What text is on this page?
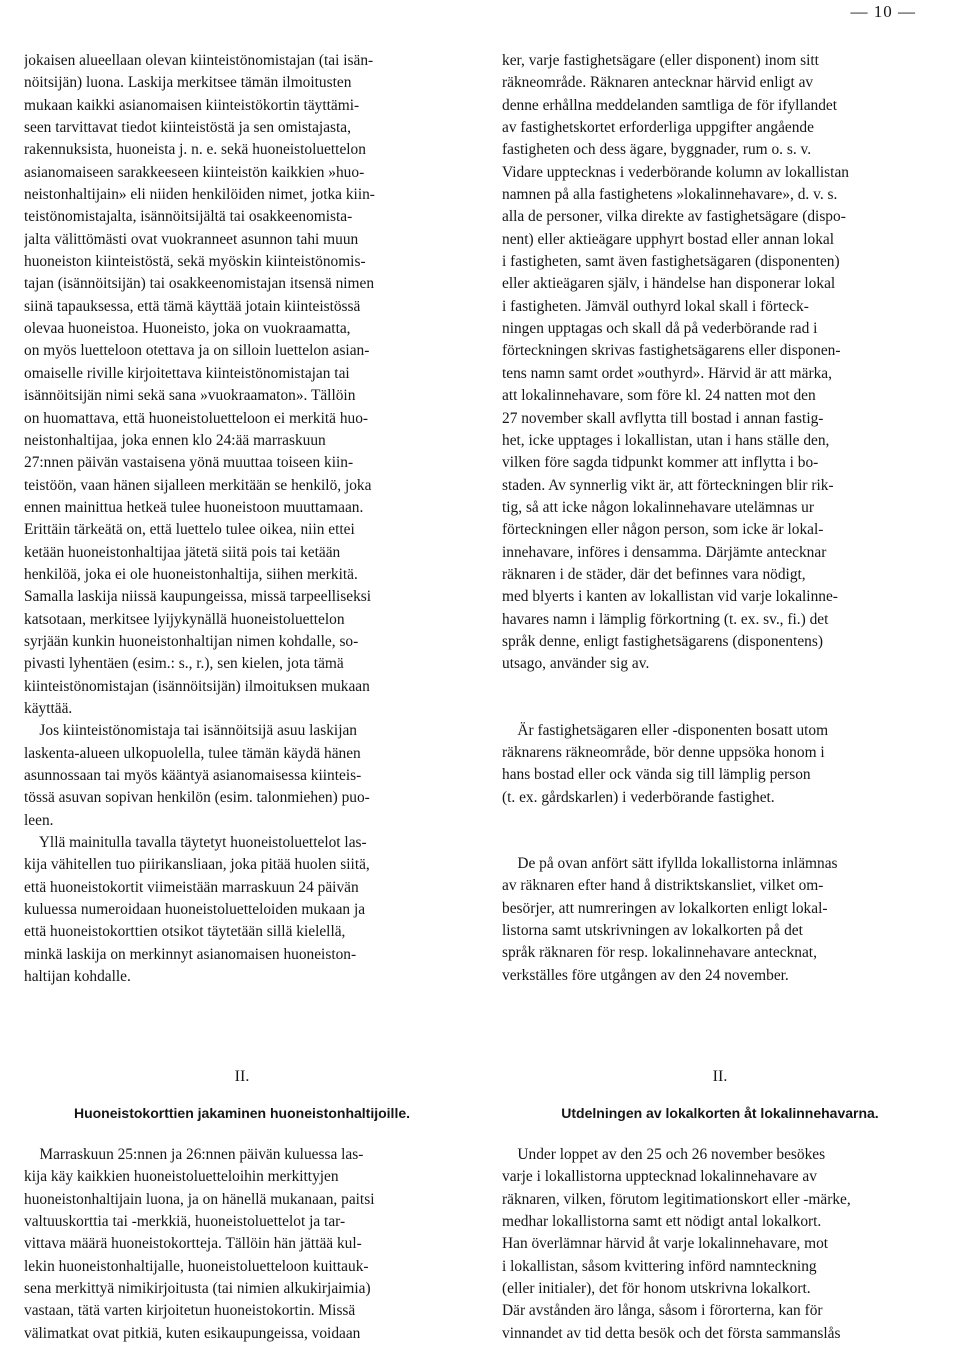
— 10 —
jokaisen alueellaan olevan kiinteistönomistajan (tai isän-
nöitsijän) luona. Laskija merkitsee tämän ilmoitusten
mukaan kaikki asianomaisen kiinteistökortin täyttämi-
seen tarvittavat tiedot kiinteistöstä ja sen omistajasta,
rakennuksista, huoneista j. n. e. sekä huoneistoluettelon
asianomaiseen sarakkeeseen kiinteistön kaikkien »huo-
neistonhaltijain» eli niiden henkilöiden nimet, jotka kiin-
teistönomistajalta, isännöitsijältä tai osakkeenomista-
jalta välittömästi ovat vuokranneet asunnon tahi muun
huoneiston kiinteistöstä, sekä myöskin kiinteistönomis-
tajan (isännöitsijän) tai osakkeenomistajan itsensä nimen
siinä tapauksessa, että tämä käyttää jotain kiinteistössä
olevaa huoneistoa. Huoneisto, joka on vuokraamatta,
on myös luetteloon otettava ja on silloin luettelon asian-
omaiselle riville kirjoitettava kiinteistönomistajan tai
isännöitsijän nimi sekä sana »vuokraamaton». Tällöin
on huomattava, että huoneistoluetteloon ei merkitä huo-
neistonhaltijaa, joka ennen klo 24:ää marraskuun
27:nnen päivän vastaisena yönä muuttaa toiseen kiin-
teistöön, vaan hänen sijalleen merkitään se henkilö, joka
ennen mainittua hetkeä tulee huoneistoon muuttamaan.
Erittäin tärkeätä on, että luettelo tulee oikea, niin ettei
ketään huoneistonhaltijaa jätetä siitä pois tai ketään
henkilöä, joka ei ole huoneistonhaltija, siihen merkitä.
Samalla laskija niissä kaupungeissa, missä tarpeelliseksi
katsotaan, merkitsee lyijykynällä huoneistoluettelon
syrjään kunkin huoneistonhaltijan nimen kohdalle, so-
pivasti lyhentäen (esim.: s., r.), sen kielen, jota tämä
kiinteistönomistajan (isännöitsijän) ilmoituksen mukaan
käyttää.
Jos kiinteistönomistaja tai isännöitsijä asuu laskijan
laskenta-alueen ulkopuolella, tulee tämän käydä hänen
asunnossaan tai myös kääntyä asianomaisessa kiinteis-
tössä asuvan sopivan henkilön (esim. talonmiehen) puo-
leen.
Yllä mainitulla tavalla täytetyt huoneistoluettelot las-
kija vähitellen tuo piirikansliaan, joka pitää huolen siitä,
että huoneistokortit viimeistään marraskuun 24 päivän
kuluessa numeroidaan huoneistoluetteloiden mukaan ja
että huoneistokorttien otsikot täytetään sillä kielellä,
minkä laskija on merkinnyt asianomaisen huoneiston-
haltijan kohdalle.
ker, varje fastighetsägare (eller disponent) inom sitt
räkneområde. Räknaren antecknar härvid enligt av
denne erhållna meddelanden samtliga de för ifyllandet
av fastighetskortet erforderliga uppgifter angående
fastigheten och dess ägare, byggnader, rum o. s. v.
Vidare upptecknas i vederbörande kolumn av lokallistan
namnen på alla fastighetens »lokalinnehavare», d. v. s.
alla de personer, vilka direkte av fastighetsägare (dispo-
nent) eller aktieägare upphyrt bostad eller annan lokal
i fastigheten, samt även fastighetsägaren (disponenten)
eller aktieägaren själv, i händelse han disponerar lokal
i fastigheten. Jämväl outhyrd lokal skall i förteck-
ningen upptagas och skall då på vederbörande rad i
förteckningen skrivas fastighetsägarens eller disponen-
tens namn samt ordet »outhyrd». Härvid är att märka,
att lokalinnehavare, som före kl. 24 natten mot den
27 november skall avflytta till bostad i annan fastig-
het, icke upptages i lokallistan, utan i hans ställe den,
vilken före sagda tidpunkt kommer att inflytta i bo-
staden. Av synnerlig vikt är, att förteckningen blir rik-
tig, så att icke någon lokalinnehavare utelämnas ur
förteckningen eller någon person, som icke är lokal-
innehavare, införes i densamma. Därjämte antecknar
räknaren i de städer, där det befinnes vara nödigt,
med blyerts i kanten av lokallistan vid varje lokalinne-
havares namn i lämplig förkortning (t. ex. sv., fi.) det
språk denne, enligt fastighetsägarens (disponentens)
utsago, använder sig av.
Är fastighetsägaren eller -disponenten bosatt utom
räknarens räkneområde, bör denne uppsöka honom i
hans bostad eller ock vända sig till lämplig person
(t. ex. gårdskarlen) i vederbörande fastighet.
De på ovan anfört sätt ifyllda lokallistorna inlämnas
av räknaren efter hand å distriktskansliet, vilket om-
besörjer, att numreringen av lokalkorten enligt lokal-
listorna samt utskrivningen av lokalkorten på det
språk räknaren för resp. lokalinnehavare antecknat,
verkställes före utgången av den 24 november.
II.
Huoneistokorttien jakaminen huoneistonhaltijoille.
Marraskuun 25:nnen ja 26:nnen päivän kuluessa las-
kija käy kaikkien huoneistoluetteloihin merkittyjen
huoneistonhaltijain luona, ja on hänellä mukanaan, paitsi
valtuuskorttia tai -merkkiä, huoneistoluettelot ja tar-
vittava määrä huoneistokortteja. Tällöin hän jättää kul-
lekin huoneistonhaltijalle, huoneistoluetteloon kuittauk-
sena merkittyä nimikirjoitusta (tai nimien alkukirjaimia)
vastaan, tätä varten kirjoitetun huoneistokortin. Missä
välimatkat ovat pitkiä, kuten esikaupungeissa, voidaan
II.
Utdelningen av lokalkorten åt lokalinnehavarna.
Under loppet av den 25 och 26 november besökes
varje i lokallistorna upptecknad lokalinnehavare av
räknaren, vilken, förutom legitimationskort eller -märke,
medhar lokallistorna samt ett nödigt antal lokalkort.
Han överlämnar härvid åt varje lokalinnehavare, mot
i lokallistan, såsom kvittering införd namnteckning
(eller initialer), det för honom utskrivna lokalkort.
Där avstånden äro långa, såsom i förorterna, kan för
vinnandet av tid detta besök och det första sammanslås
